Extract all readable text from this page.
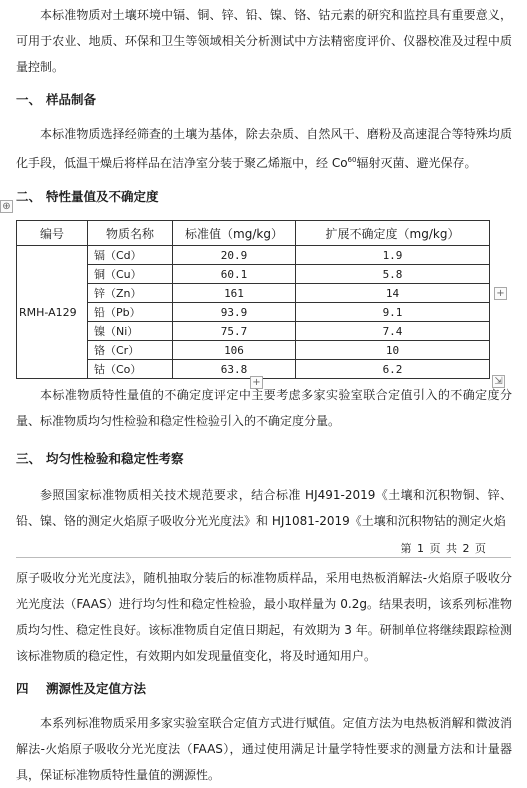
本标准物质对土壤环境中镉、铜、锌、铅、镍、铬、钴元素的研究和监控具有重要意义，可用于农业、地质、环保和卫生等领域相关分析测试中方法精密度评价、仪器校准及过程中质量控制。

一、 样品制备

本标准物质选择经筛查的土壤为基体，除去杂质、自然风干、磨粉及高速混合等特殊均质化手段，低温干燥后将样品在洁净室分装于聚乙烯瓶中，经 Co$^{60}$辐射灭菌、避光保存。

⊕
二、 特性量值及不确定度
编号	物质名称	标准值（mg/kg）	扩展不确定度（mg/kg）
RMH-A129	镉（Cd）	20.9	1.9
	铜（Cu）	60.1	5.8
	锌（Zn）	161	14
	铅（Pb）	93.9	9.1
	镍（Ni）	75.7	7.4
	铬（Cr）	106	10
	钴（Co）	63.8	6.2
+
+	⇲

本标准物质特性量值的不确定度评定中主要考虑多家实验室联合定值引入的不确定度分量、标准物质均匀性检验和稳定性检验引入的不确定度分量。

三、 均匀性检验和稳定性考察

参照国家标准物质相关技术规范要求，结合标准 HJ491-2019《土壤和沉积物铜、锌、铅、镍、铬的测定火焰原子吸收分光光度法》和 HJ1081-2019《土壤和沉积物钴的测定火焰

第 1 页 共 2 页

原子吸收分光光度法》，随机抽取分装后的标准物质样品，采用电热板消解法-火焰原子吸收分光光度法（FAAS）进行均匀性和稳定性检验，最小取样量为 0.2g。结果表明，该系列标准物质均匀性、稳定性良好。该标准物质自定值日期起，有效期为 3 年。研制单位将继续跟踪检测该标准物质的稳定性，有效期内如发现量值变化，将及时通知用户。

四 溯源性及定值方法

本系列标准物质采用多家实验室联合定值方式进行赋值。定值方法为电热板消解和微波消解法-火焰原子吸收分光光度法（FAAS），通过使用满足计量学特性要求的测量方法和计量器具，保证标准物质特性量值的溯源性。
